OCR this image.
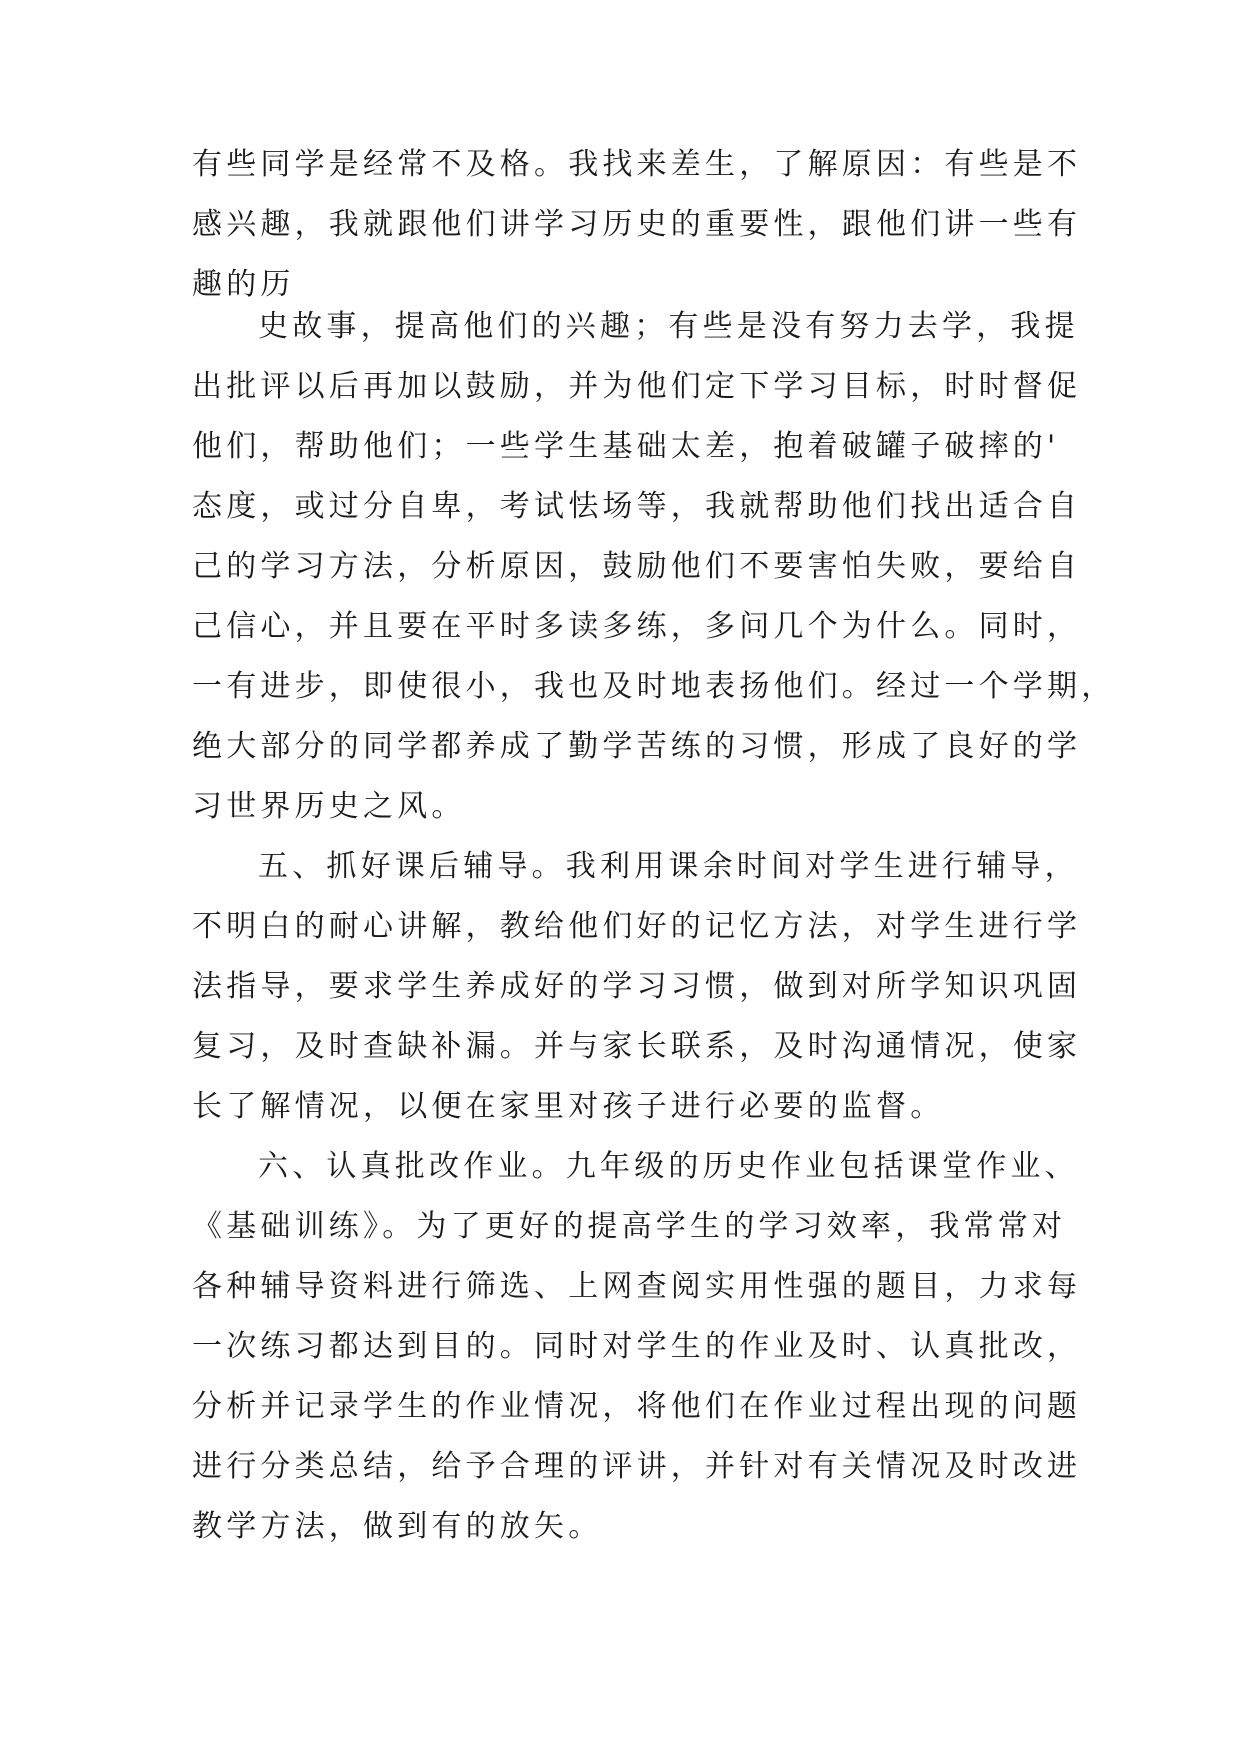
有些同学是经常不及格。我找来差生，了解原因：有些是不
感兴趣，我就跟他们讲学习历史的重要性，跟他们讲一些有
趣的历
史故事，提高他们的兴趣；有些是没有努力去学，我提
出批评以后再加以鼓励，并为他们定下学习目标，时时督促
他们，帮助他们；一些学生基础太差，抱着破罐子破摔的'
态度，或过分自卑，考试怯场等，我就帮助他们找出适合自
己的学习方法，分析原因，鼓励他们不要害怕失败，要给自
己信心，并且要在平时多读多练，多问几个为什么。同时，
一有进步，即使很小，我也及时地表扬他们。经过一个学期，
绝大部分的同学都养成了勤学苦练的习惯，形成了良好的学
习世界历史之风。
五、抓好课后辅导。我利用课余时间对学生进行辅导，
不明白的耐心讲解，教给他们好的记忆方法，对学生进行学
法指导，要求学生养成好的学习习惯，做到对所学知识巩固
复习，及时查缺补漏。并与家长联系，及时沟通情况，使家
长了解情况，以便在家里对孩子进行必要的监督。
六、认真批改作业。九年级的历史作业包括课堂作业、
《基础训练》。为了更好的提高学生的学习效率，我常常对
各种辅导资料进行筛选、上网查阅实用性强的题目，力求每
一次练习都达到目的。同时对学生的作业及时、认真批改，
分析并记录学生的作业情况，将他们在作业过程出现的问题
进行分类总结，给予合理的评讲，并针对有关情况及时改进
教学方法，做到有的放矢。
